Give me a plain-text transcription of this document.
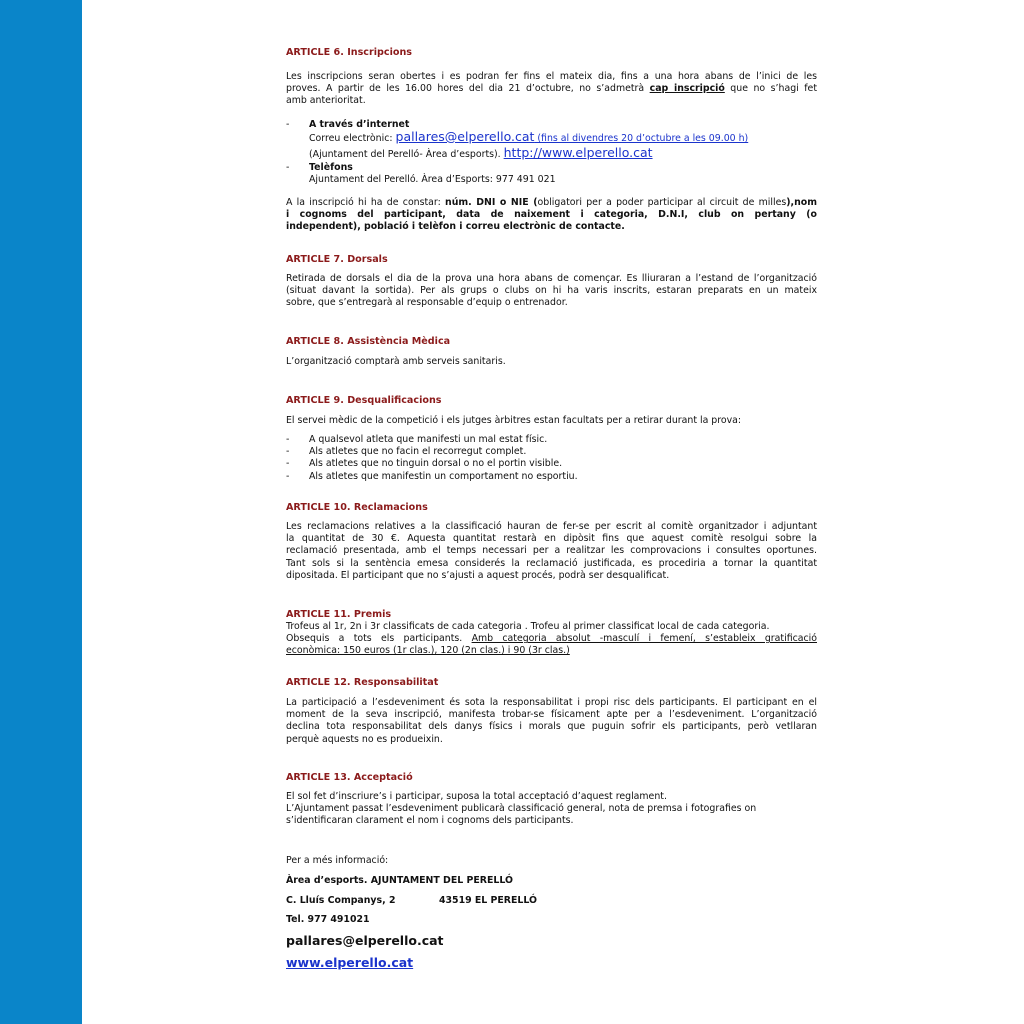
ARTICLE 6. Inscripcions
Les inscripcions seran obertes i es podran fer fins el mateix dia, fins a una hora abans de l’inici de les
proves. A partir de les 16.00 hores del dia 21 d’octubre, no s’admetrà cap inscripció que no s’hagi fet
amb anterioritat.
-	A través d’internet
Correu electrònic: pallares@elperello.cat (fins al divendres 20 d’octubre a les 09.00 h)
(Ajuntament del Perelló- Àrea d’esports). http://www.elperello.cat
-	Telèfons
Ajuntament del Perelló. Àrea d’Esports: 977 491 021
A la inscripció hi ha de constar: núm. DNI o NIE (obligatori per a poder participar al circuit de milles),nom
i cognoms del participant, data de naixement i categoria, D.N.I, club on pertany (o
independent), població i telèfon i correu electrònic de contacte.
ARTICLE 7. Dorsals
Retirada de dorsals el dia de la prova una hora abans de començar. Es lliuraran a l’estand de l’organització
(situat davant la sortida). Per als grups o clubs on hi ha varis inscrits, estaran preparats en un mateix
sobre, que s’entregarà al responsable d’equip o entrenador.
ARTICLE 8. Assistència Mèdica
L’organització comptarà amb serveis sanitaris.
ARTICLE 9. Desqualificacions
El servei mèdic de la competició i els jutges àrbitres estan facultats per a retirar durant la prova:
-	A qualsevol atleta que manifesti un mal estat físic.
-	Als atletes que no facin el recorregut complet.
-	Als atletes que no tinguin dorsal o no el portin visible.
-	Als atletes que manifestin un comportament no esportiu.
ARTICLE 10. Reclamacions
Les reclamacions relatives a la classificació hauran de fer-se per escrit al comitè organitzador i adjuntant
la quantitat de 30 €. Aquesta quantitat restarà en dipòsit fins que aquest comitè resolgui sobre la
reclamació presentada, amb el temps necessari per a realitzar les comprovacions i consultes oportunes.
Tant sols si la sentència emesa considerés la reclamació justificada, es procediria a tornar la quantitat
dipositada. El participant que no s’ajusti a aquest procés, podrà ser desqualificat.
ARTICLE 11. Premis
Trofeus al 1r, 2n i 3r classificats de cada categoria . Trofeu al primer classificat local de cada categoria.
Obsequis a tots els participants. Amb categoria absolut -masculí i femení, s’estableix gratificació
econòmica: 150 euros (1r clas.), 120 (2n clas.) i 90 (3r clas.)
ARTICLE 12. Responsabilitat
La participació a l’esdeveniment és sota la responsabilitat i propi risc dels participants. El participant en el
moment de la seva inscripció, manifesta trobar-se físicament apte per a l’esdeveniment. L’organització
declina tota responsabilitat dels danys físics i morals que puguin sofrir els participants, però vetllaran
perquè aquests no es produeixin.
ARTICLE 13. Acceptació
El sol fet d’inscriure’s i participar, suposa la total acceptació d’aquest reglament.
L’Ajuntament passat l’esdeveniment publicarà classificació general, nota de premsa i fotografies on
s’identificaran clarament el nom i cognoms dels participants.
Per a més informació:
Àrea d’esports. AJUNTAMENT DEL PERELLÓ
C. Lluís Companys, 2	43519 EL PERELLÓ
Tel. 977 491021
pallares@elperello.cat
www.elperello.cat
